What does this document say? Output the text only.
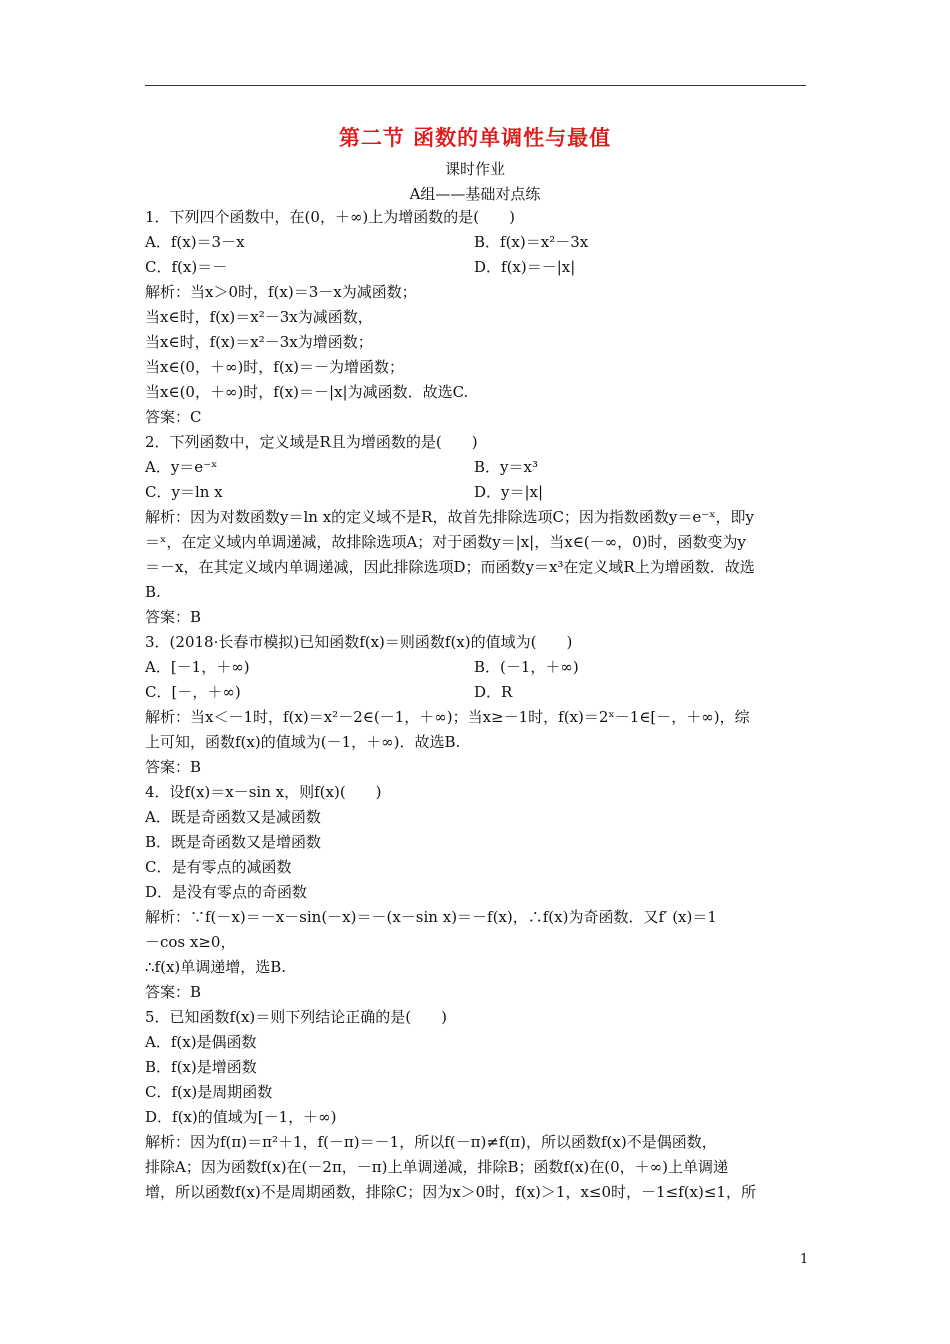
第二节 函数的单调性与最值
课时作业
A组——基础对点练
1．下列四个函数中，在(0，＋∞)上为增函数的是(　　)
A．f(x)＝3－x	B．f(x)＝x²－3x
C．f(x)＝－	D．f(x)＝－|x|
解析：当x＞0时，f(x)＝3－x为减函数；
当x∈时，f(x)＝x²－3x为减函数，
当x∈时，f(x)＝x²－3x为增函数；
当x∈(0，＋∞)时，f(x)＝－为增函数；
当x∈(0，＋∞)时，f(x)＝－|x|为减函数．故选C.
答案：C
2．下列函数中，定义域是R且为增函数的是(　　)
A．y＝e⁻ˣ	B．y＝x³
C．y＝ln x	D．y＝|x|
解析：因为对数函数y＝ln x的定义域不是R，故首先排除选项C；因为指数函数y＝e⁻ˣ，即y
＝ˣ，在定义域内单调递减，故排除选项A；对于函数y＝|x|，当x∈(－∞，0)时，函数变为y
＝－x，在其定义域内单调递减，因此排除选项D；而函数y＝x³在定义域R上为增函数．故选
B.
答案：B
3．(2018·长春市模拟)已知函数f(x)＝则函数f(x)的值域为(　　)
A．[－1，＋∞)	B．(－1，＋∞)
C．[－，＋∞)	D．R
解析：当x＜－1时，f(x)＝x²－2∈(－1，＋∞)；当x≥－1时，f(x)＝2ˣ－1∈[－，＋∞)，综
上可知，函数f(x)的值域为(－1，＋∞)．故选B.
答案：B
4．设f(x)＝x－sin x，则f(x)(　　)
A．既是奇函数又是减函数
B．既是奇函数又是增函数
C．是有零点的减函数
D．是没有零点的奇函数
解析：∵f(－x)＝－x－sin(－x)＝－(x－sin x)＝－f(x)，∴f(x)为奇函数．又f′ (x)＝1
－cos x≥0，
∴f(x)单调递增，选B.
答案：B
5．已知函数f(x)＝则下列结论正确的是(　　)
A．f(x)是偶函数
B．f(x)是增函数
C．f(x)是周期函数
D．f(x)的值域为[－1，＋∞)
解析：因为f(π)＝π²＋1，f(－π)＝－1，所以f(－π)≠f(π)，所以函数f(x)不是偶函数，
排除A；因为函数f(x)在(－2π，－π)上单调递减，排除B；函数f(x)在(0，＋∞)上单调递
增，所以函数f(x)不是周期函数，排除C；因为x＞0时，f(x)＞1，x≤0时，－1≤f(x)≤1，所
1
